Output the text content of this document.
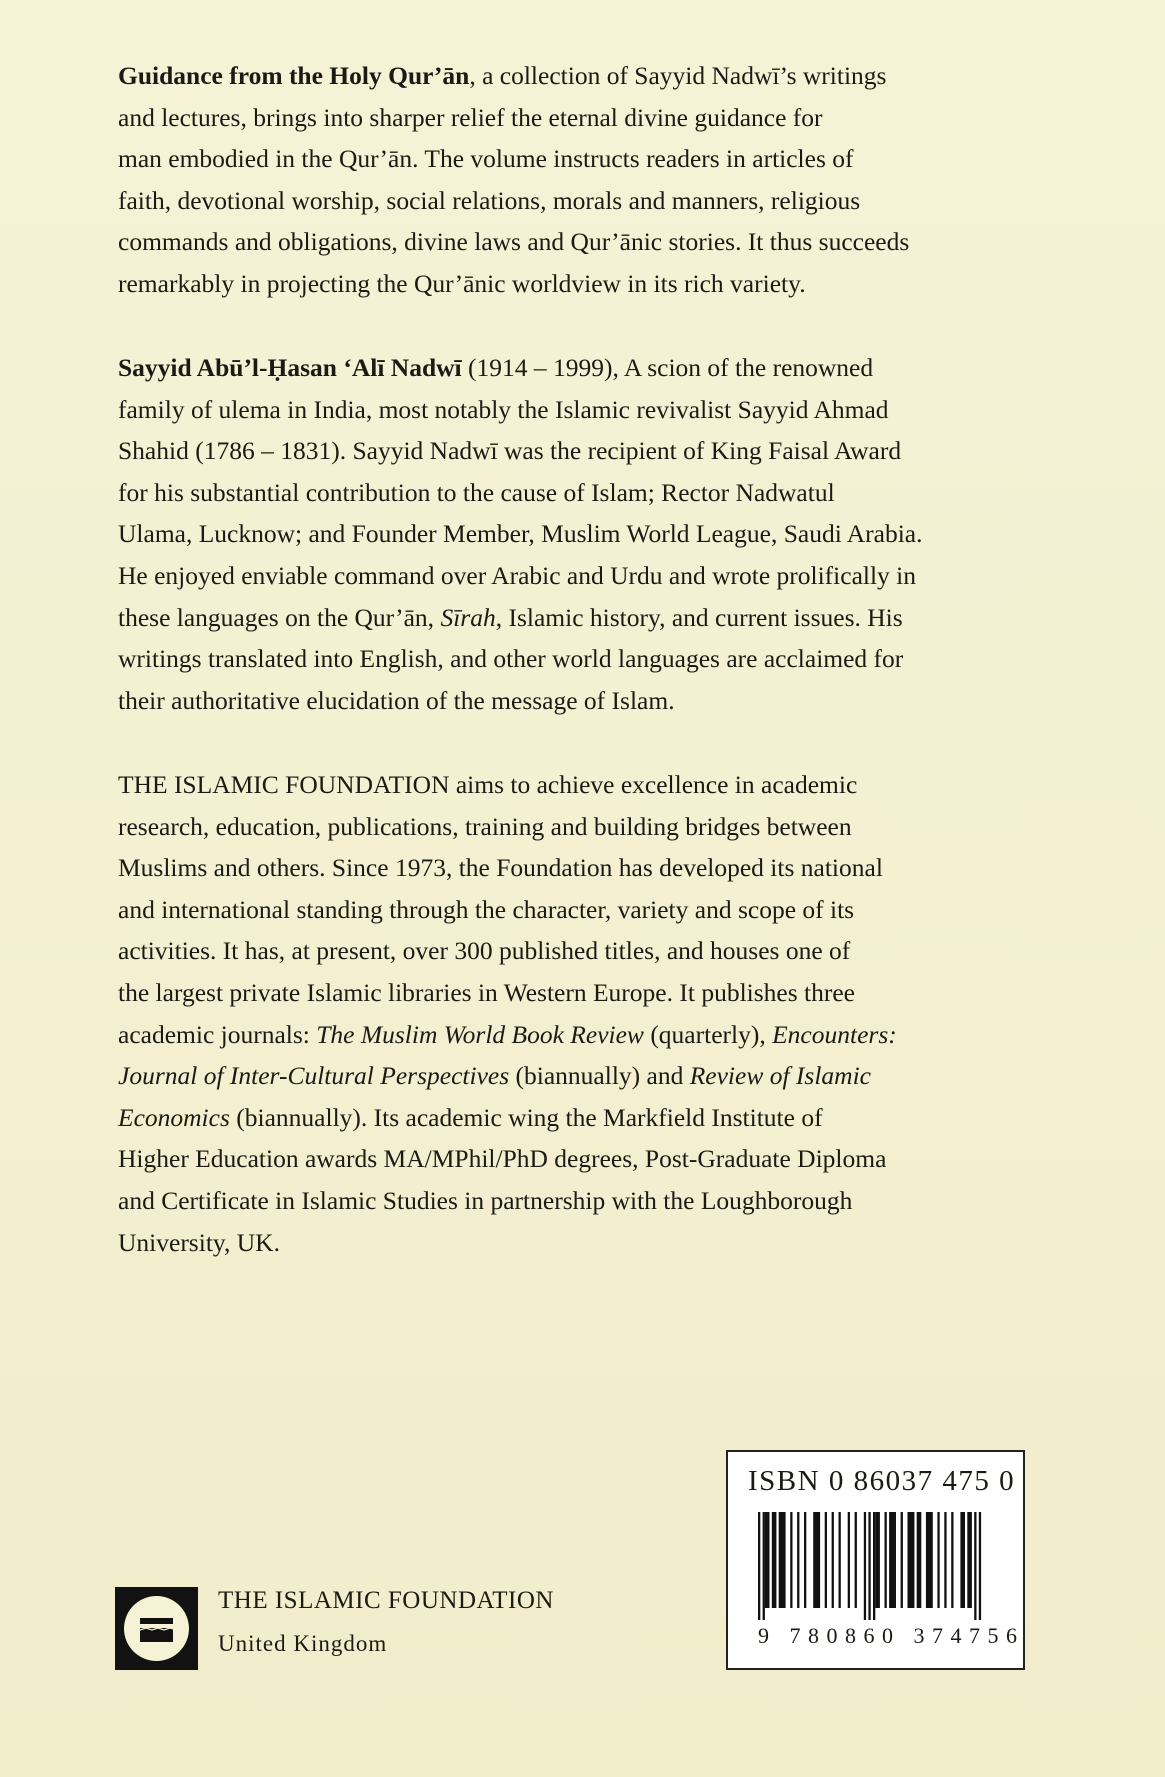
Guidance from the Holy Qur’ān, a collection of Sayyid Nadwī’s writings
and lectures, brings into sharper relief the eternal divine guidance for
man embodied in the Qur’ān. The volume instructs readers in articles of
faith, devotional worship, social relations, morals and manners, religious
commands and obligations, divine laws and Qur’ānic stories. It thus succeeds
remarkably in projecting the Qur’ānic worldview in its rich variety.

Sayyid Abū’l-Ḥasan ‘Alī Nadwī (1914 – 1999), A scion of the renowned
family of ulema in India, most notably the Islamic revivalist Sayyid Ahmad
Shahid (1786 – 1831). Sayyid Nadwī was the recipient of King Faisal Award
for his substantial contribution to the cause of Islam; Rector Nadwatul
Ulama, Lucknow; and Founder Member, Muslim World League, Saudi Arabia.
He enjoyed enviable command over Arabic and Urdu and wrote prolifically in
these languages on the Qur’ān, Sīrah, Islamic history, and current issues. His
writings translated into English, and other world languages are acclaimed for
their authoritative elucidation of the message of Islam.

THE ISLAMIC FOUNDATION aims to achieve excellence in academic
research, education, publications, training and building bridges between
Muslims and others. Since 1973, the Foundation has developed its national
and international standing through the character, variety and scope of its
activities. It has, at present, over 300 published titles, and houses one of
the largest private Islamic libraries in Western Europe. It publishes three
academic journals: The Muslim World Book Review (quarterly), Encounters:
Journal of Inter-Cultural Perspectives (biannually) and Review of Islamic
Economics (biannually). Its academic wing the Markfield Institute of
Higher Education awards MA/MPhil/PhD degrees, Post-Graduate Diploma
and Certificate in Islamic Studies in partnership with the Loughborough
University, UK.

THE ISLAMIC FOUNDATION
United Kingdom
ISBN 0 86037 475 0
9 780860 374756
